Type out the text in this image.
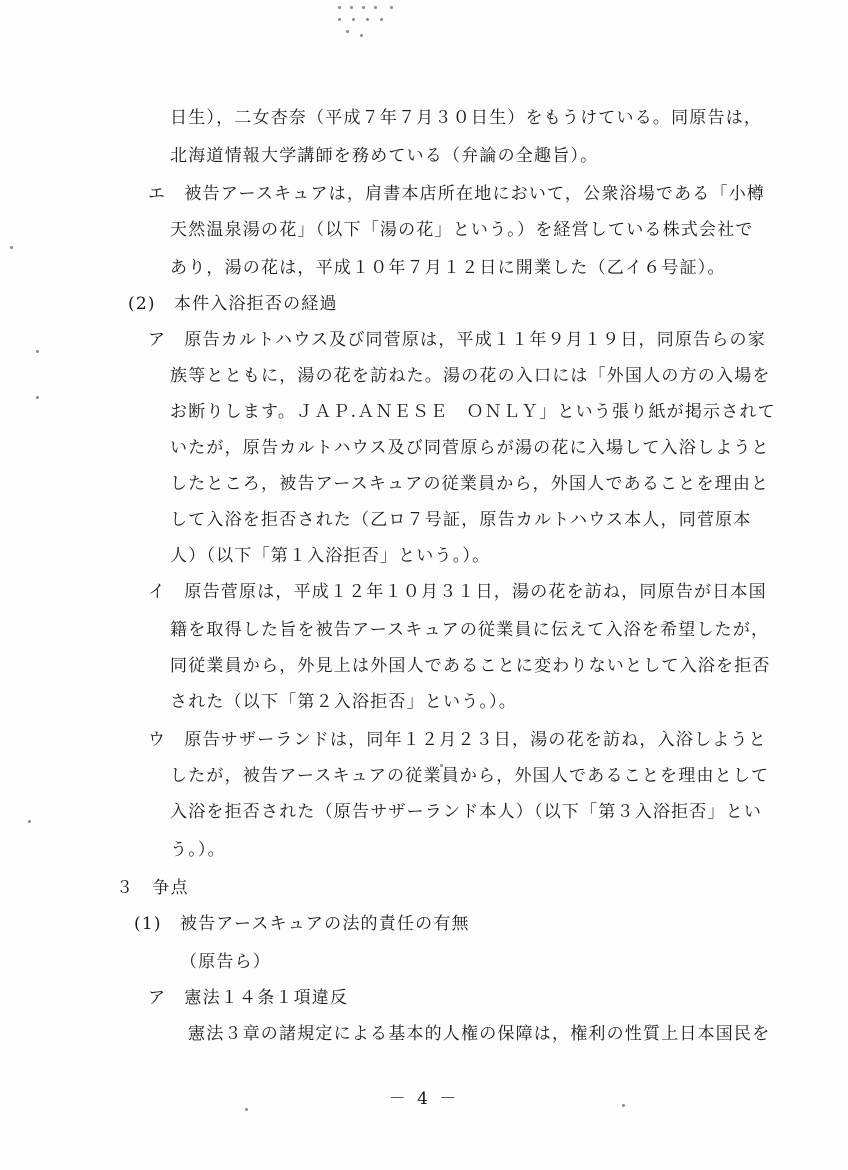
日生），二女杏奈（平成７年７月３０日生）をもうけている。同原告は，
北海道情報大学講師を務めている（弁論の全趣旨）。
エ　被告アースキュアは，肩書本店所在地において，公衆浴場である「小樽
天然温泉湯の花」（以下「湯の花」という。）を経営している株式会社で
あり，湯の花は，平成１０年７月１２日に開業した（乙イ６号証）。
(2)　本件入浴拒否の経過
ア　原告カルトハウス及び同菅原は，平成１１年９月１９日，同原告らの家
族等とともに，湯の花を訪ねた。湯の花の入口には「外国人の方の入場を
お断りします。ＪＡＰ.ＡＮＥＳＥ　ＯＮＬＹ」という張り紙が掲示されて
いたが，原告カルトハウス及び同菅原らが湯の花に入場して入浴しようと
したところ，被告アースキュアの従業員から，外国人であることを理由と
して入浴を拒否された（乙ロ７号証，原告カルトハウス本人，同菅原本
人）（以下「第１入浴拒否」という。）。
イ　原告菅原は，平成１２年１０月３１日，湯の花を訪ね，同原告が日本国
籍を取得した旨を被告アースキュアの従業員に伝えて入浴を希望したが，
同従業員から，外見上は外国人であることに変わりないとして入浴を拒否
された（以下「第２入浴拒否」という。）。
ウ　原告サザーランドは，同年１２月２３日，湯の花を訪ね，入浴しようと
したが，被告アースキュアの従業員から，外国人であることを理由として
入浴を拒否された（原告サザーランド本人）（以下「第３入浴拒否」とい
う。）。
３　争点
(1)　被告アースキュアの法的責任の有無
（原告ら）
ア　憲法１４条１項違反
憲法３章の諸規定による基本的人権の保障は，権利の性質上日本国民を
－ 4 －
